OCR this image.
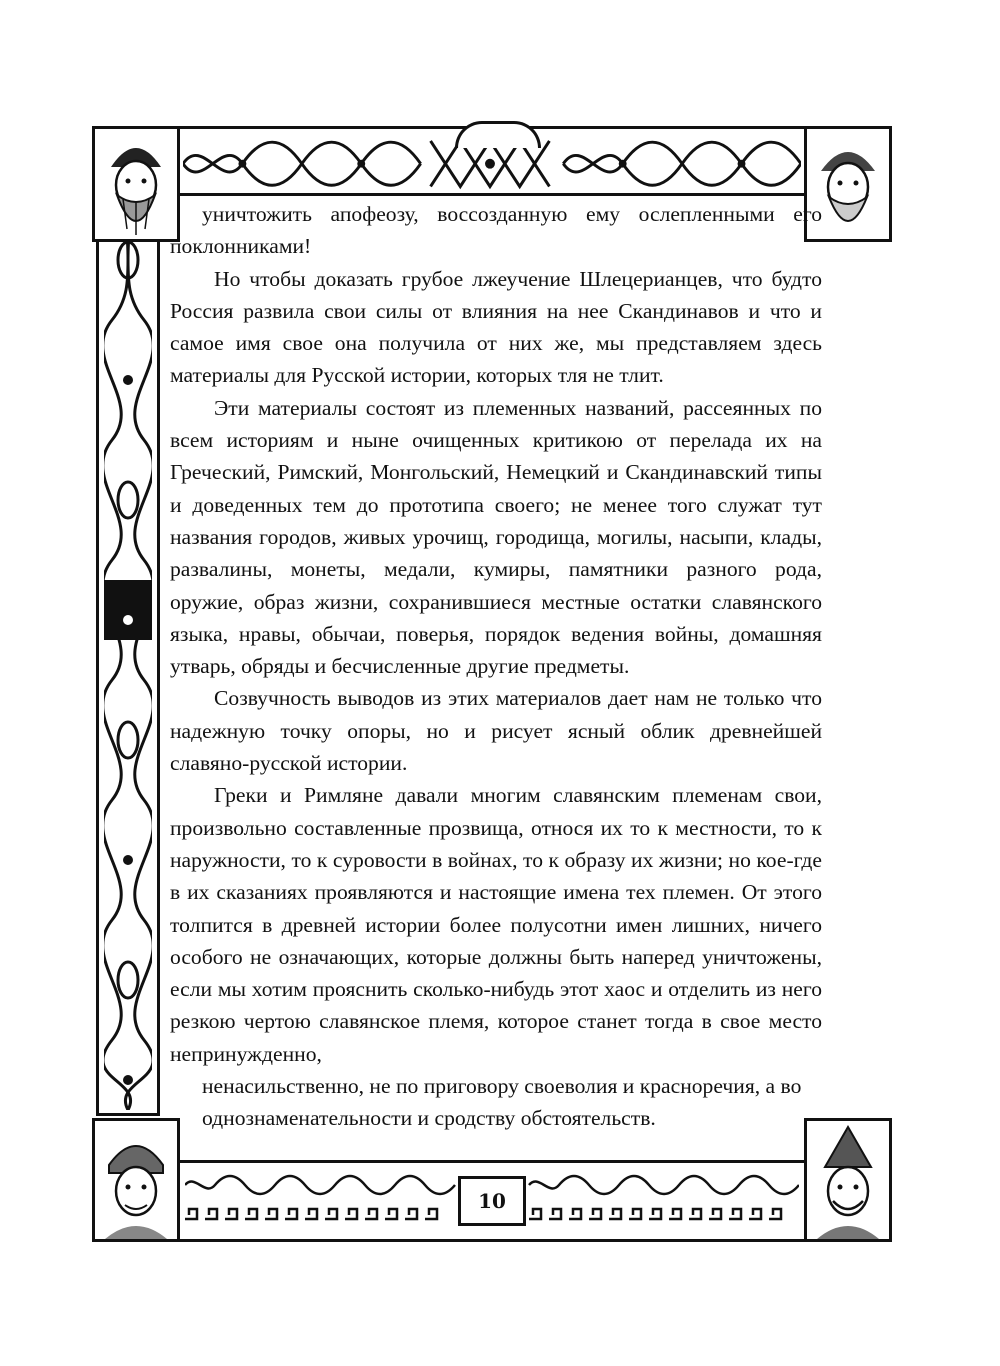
10

уничтожить апофеозу, воссозданную ему ослепленными его поклонниками!

Но чтобы доказать грубое лжеучение Шлецерианцев, что будто Россия развила свои силы от влияния на нее Скандинавов и что и самое имя свое она получила от них же, мы представляем здесь материалы для Русской истории, которых тля не тлит.

Эти материалы состоят из племенных названий, рассеянных по всем историям и ныне очищенных критикою от перелада их на Греческий, Римский, Монгольский, Немецкий и Скандинавский типы и доведенных тем до прототипа своего; не менее того служат тут названия городов, живых урочищ, городища, могилы, насыпи, клады, развалины, монеты, медали, кумиры, памятники разного рода, оружие, образ жизни, сохранившиеся местные остатки славянского языка, нравы, обычаи, поверья, порядок ведения войны, домашняя утварь, обряды и бесчисленные другие предметы.

Созвучность выводов из этих материалов дает нам не только что надежную точку опоры, но и рисует ясный облик древнейшей славяно-русской истории.

Греки и Римляне давали многим славянским племенам свои, произвольно составленные прозвища, относя их то к местности, то к наружности, то к суровости в войнах, то к образу их жизни; но кое-где в их сказаниях проявляются и настоящие имена тех племен. От этого толпится в древней истории более полусотни имен лишних, ничего особого не означающих, которые должны быть наперед уничтожены, если мы хотим прояснить сколько-нибудь этот хаос и отделить из него резкою чертою славянское племя, которое станет тогда в свое место непринужденно,

ненасильственно, не по приговору своеволия и красноречия, а во однознаменательности и сродству обстоятельств.
